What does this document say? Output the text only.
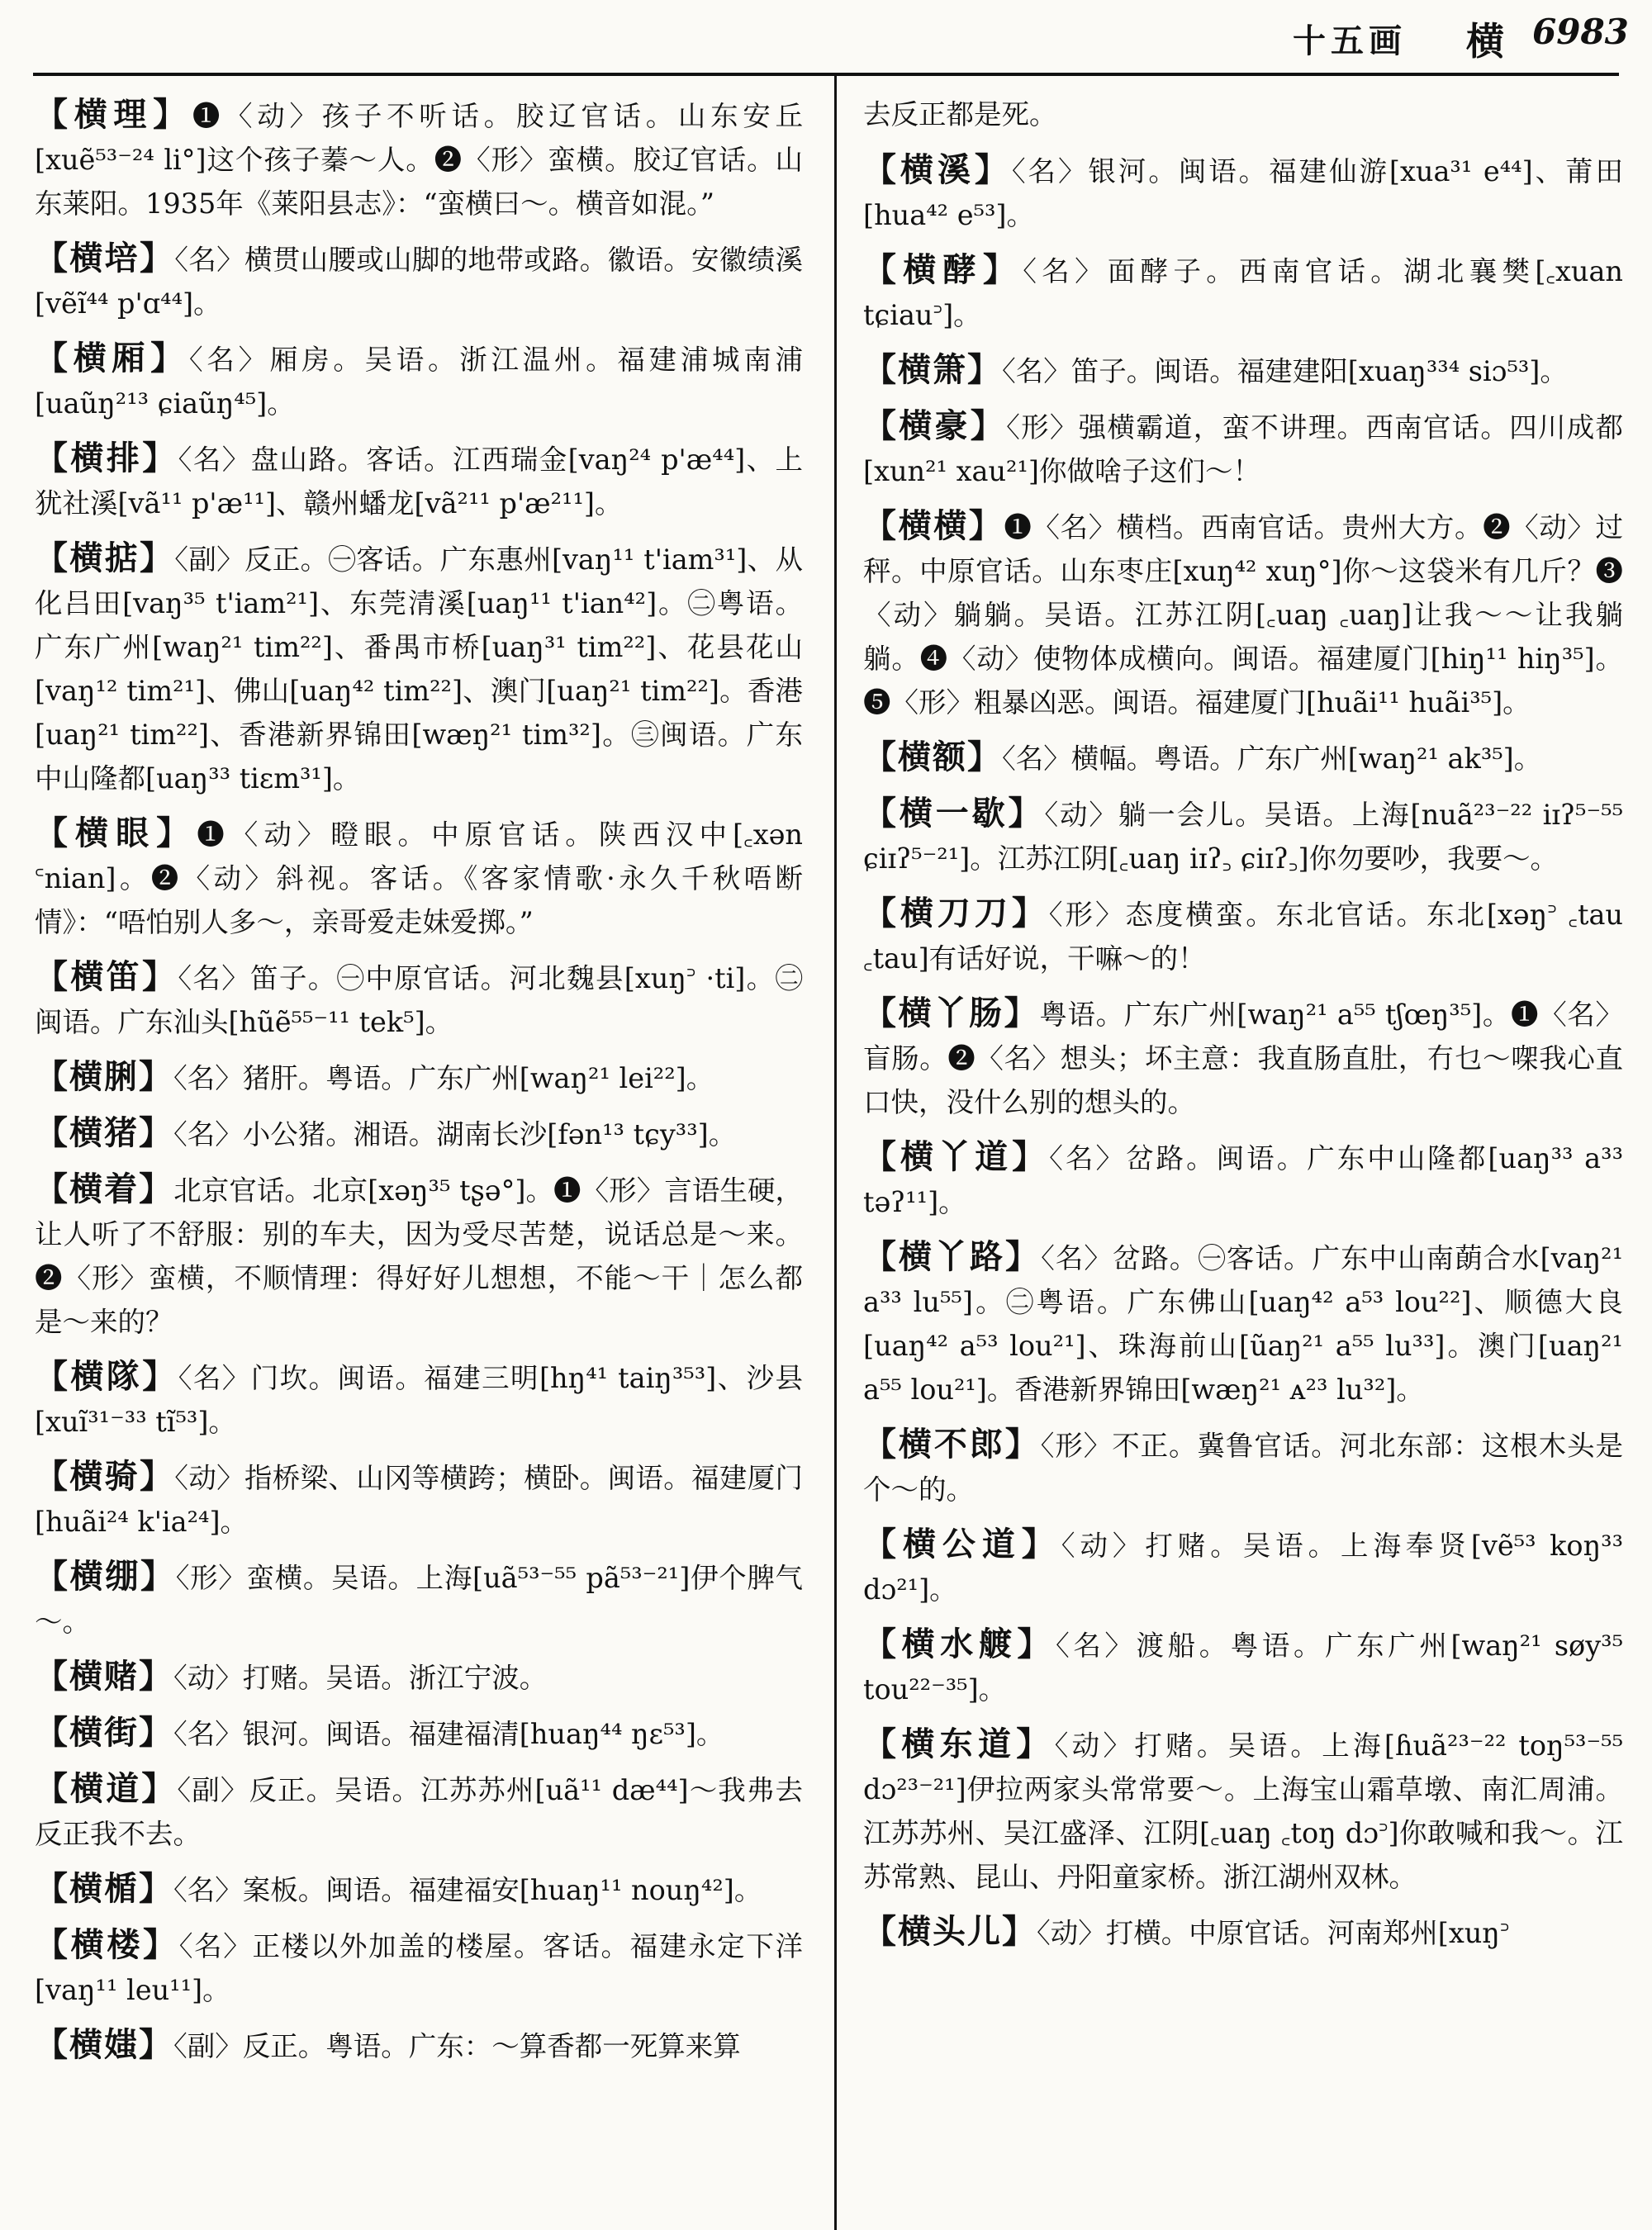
十五画 横 6983

【横理】❶〈动〉孩子不听话。胶辽官话。山东安丘[xuẽ⁵³⁻²⁴ li°]这个孩子蓁～人。❷〈形〉蛮横。胶辽官话。山东莱阳。1935年《莱阳县志》：“蛮横曰～。横音如混。”

【横培】〈名〉横贯山腰或山脚的地带或路。徽语。安徽绩溪[vẽĩ⁴⁴ p'ɑ⁴⁴]。

【横厢】〈名〉厢房。吴语。浙江温州。福建浦城南浦[uaũŋ²¹³ ɕiaũŋ⁴⁵]。

【横排】〈名〉盘山路。客话。江西瑞金[vaŋ²⁴ p'æ⁴⁴]、上犹社溪[vã¹¹ p'æ¹¹]、赣州蟠龙[vã²¹¹ p'æ²¹¹]。

【横掂】〈副〉反正。㊀客话。广东惠州[vaŋ¹¹ t'iam³¹]、从化吕田[vaŋ³⁵ t'iam²¹]、东莞清溪[uaŋ¹¹ t'ian⁴²]。㊁粤语。广东广州[waŋ²¹ tim²²]、番禺市桥[uaŋ³¹ tim²²]、花县花山[vaŋ¹² tim²¹]、佛山[uaŋ⁴² tim²²]、澳门[uaŋ²¹ tim²²]。香港[uaŋ²¹ tim²²]、香港新界锦田[wæŋ²¹ tim³²]。㊂闽语。广东中山隆都[uaŋ³³ tiɛm³¹]。

【横眼】❶〈动〉瞪眼。中原官话。陕西汉中[꜀xən ꜂nian]。❷〈动〉斜视。客话。《客家情歌·永久千秋唔断情》：“唔怕别人多～，亲哥爱走妹爱掷。”

【横笛】〈名〉笛子。㊀中原官话。河北魏县[xuŋ꜄ ·ti]。㊁闽语。广东汕头[hũẽ⁵⁵⁻¹¹ tek⁵]。

【横脷】〈名〉猪肝。粤语。广东广州[waŋ²¹ lei²²]。

【横猪】〈名〉小公猪。湘语。湖南长沙[fən¹³ tɕy³³]。

【横着】北京官话。北京[xəŋ³⁵ tʂə°]。❶〈形〉言语生硬，让人听了不舒服：别的车夫，因为受尽苦楚，说话总是～来。❷〈形〉蛮横，不顺情理：得好好儿想想，不能～干｜怎么都是～来的？

【横隊】〈名〉门坎。闽语。福建三明[hŋ⁴¹ taiŋ³⁵³]、沙县[xuĩ³¹⁻³³ tĩ⁵³]。

【横骑】〈动〉指桥梁、山冈等横跨；横卧。闽语。福建厦门[huãi²⁴ k'ia²⁴]。

【横绷】〈形〉蛮横。吴语。上海[uã⁵³⁻⁵⁵ pã⁵³⁻²¹]伊个脾气～。

【横赌】〈动〉打赌。吴语。浙江宁波。

【横街】〈名〉银河。闽语。福建福清[huaŋ⁴⁴ ŋɛ⁵³]。

【横道】〈副〉反正。吴语。江苏苏州[uã¹¹ dæ⁴⁴]～我弗去反正我不去。

【横楯】〈名〉案板。闽语。福建福安[huaŋ¹¹ nouŋ⁴²]。

【横楼】〈名〉正楼以外加盖的楼屋。客话。福建永定下洋[vaŋ¹¹ leu¹¹]。

【横媸】〈副〉反正。粤语。广东：～算香都一死算来算

去反正都是死。

【横溪】〈名〉银河。闽语。福建仙游[xua³¹ e⁴⁴]、莆田[hua⁴² e⁵³]。

【横酵】〈名〉面酵子。西南官话。湖北襄樊[꜀xuan tɕiau꜄]。

【横箫】〈名〉笛子。闽语。福建建阳[xuaŋ³³⁴ siɔ⁵³]。

【横豪】〈形〉强横霸道，蛮不讲理。西南官话。四川成都[xun²¹ xau²¹]你做啥子这们～！

【横横】❶〈名〉横档。西南官话。贵州大方。❷〈动〉过秤。中原官话。山东枣庄[xuŋ⁴² xuŋ°]你～这袋米有几斤？❸〈动〉躺躺。吴语。江苏江阴[꜀uaŋ ꜀uaŋ]让我～～让我躺躺。❹〈动〉使物体成横向。闽语。福建厦门[hiŋ¹¹ hiŋ³⁵]。❺〈形〉粗暴凶恶。闽语。福建厦门[huãi¹¹ huãi³⁵]。

【横额】〈名〉横幅。粤语。广东广州[waŋ²¹ ak³⁵]。

【横一歇】〈动〉躺一会儿。吴语。上海[nuã²³⁻²² iɪʔ⁵⁻⁵⁵ ɕiɪʔ⁵⁻²¹]。江苏江阴[꜀uaŋ iɪʔ꜆ ɕiɪʔ꜆]你勿要吵，我要～。

【横刀刀】〈形〉态度横蛮。东北官话。东北[xəŋ꜄ ꜀tau ꜀tau]有话好说，干嘛～的！

【横丫肠】粤语。广东广州[waŋ²¹ a⁵⁵ tʃœŋ³⁵]。❶〈名〉盲肠。❷〈名〉想头；坏主意：我直肠直肚，冇乜～㗎我心直口快，没什么别的想头的。

【横丫道】〈名〉岔路。闽语。广东中山隆都[uaŋ³³ a³³ təʔ¹¹]。

【横丫路】〈名〉岔路。㊀客话。广东中山南蓢合水[vaŋ²¹ a³³ lu⁵⁵]。㊁粤语。广东佛山[uaŋ⁴² a⁵³ lou²²]、顺德大良[uaŋ⁴² a⁵³ lou²¹]、珠海前山[ũaŋ²¹ a⁵⁵ lu³³]。澳门[uaŋ²¹ a⁵⁵ lou²¹]。香港新界锦田[wæŋ²¹ ᴀ²³ lu³²]。

【横不郎】〈形〉不正。冀鲁官话。河北东部：这根木头是个～的。

【横公道】〈动〉打赌。吴语。上海奉贤[vẽ⁵³ koŋ³³ dɔ²¹]。

【横水艔】〈名〉渡船。粤语。广东广州[waŋ²¹ søy³⁵ tou²²⁻³⁵]。

【横东道】〈动〉打赌。吴语。上海[ɦuã²³⁻²² toŋ⁵³⁻⁵⁵ dɔ²³⁻²¹]伊拉两家头常常要～。上海宝山霜草墩、南汇周浦。江苏苏州、吴江盛泽、江阴[꜀uaŋ ꜀toŋ dɔ꜄]你敢喊和我～。江苏常熟、昆山、丹阳童家桥。浙江湖州双林。

【横头儿】〈动〉打横。中原官话。河南郑州[xuŋ꜄
